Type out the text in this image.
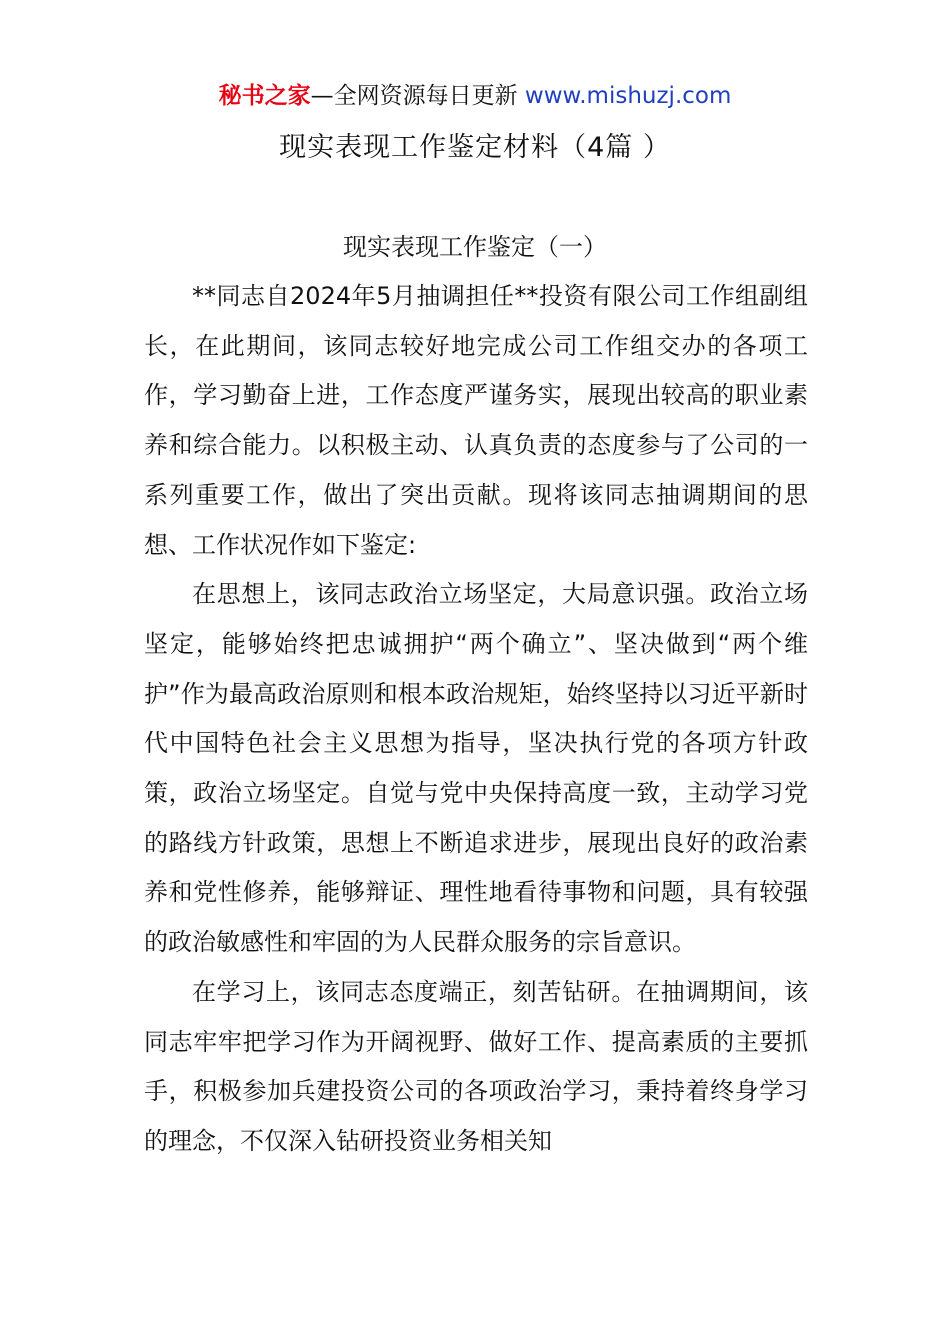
秘书之家—全网资源每日更新 www.mishuzj.com
现实表现工作鉴定材料（4篇 ）
现实表现工作鉴定（一）

**同志自2024年5月抽调担任**投资有限公司工作组副组长，在此期间，该同志较好地完成公司工作组交办的各项工作，学习勤奋上进，工作态度严谨务实，展现出较高的职业素养和综合能力。以积极主动、认真负责的态度参与了公司的一系列重要工作，做出了突出贡献。现将该同志抽调期间的思想、工作状况作如下鉴定:

在思想上，该同志政治立场坚定，大局意识强。政治立场坚定，能够始终把忠诚拥护“两个确立”、坚决做到“两个维护”作为最高政治原则和根本政治规矩，始终坚持以习近平新时代中国特色社会主义思想为指导，坚决执行党的各项方针政策，政治立场坚定。自觉与党中央保持高度一致，主动学习党的路线方针政策，思想上不断追求进步，展现出良好的政治素养和党性修养，能够辩证、理性地看待事物和问题，具有较强的政治敏感性和牢固的为人民群众服务的宗旨意识。

在学习上，该同志态度端正，刻苦钻研。在抽调期间，该同志牢牢把学习作为开阔视野、做好工作、提高素质的主要抓手，积极参加兵建投资公司的各项政治学习，秉持着终身学习的理念，不仅深入钻研投资业务相关知
